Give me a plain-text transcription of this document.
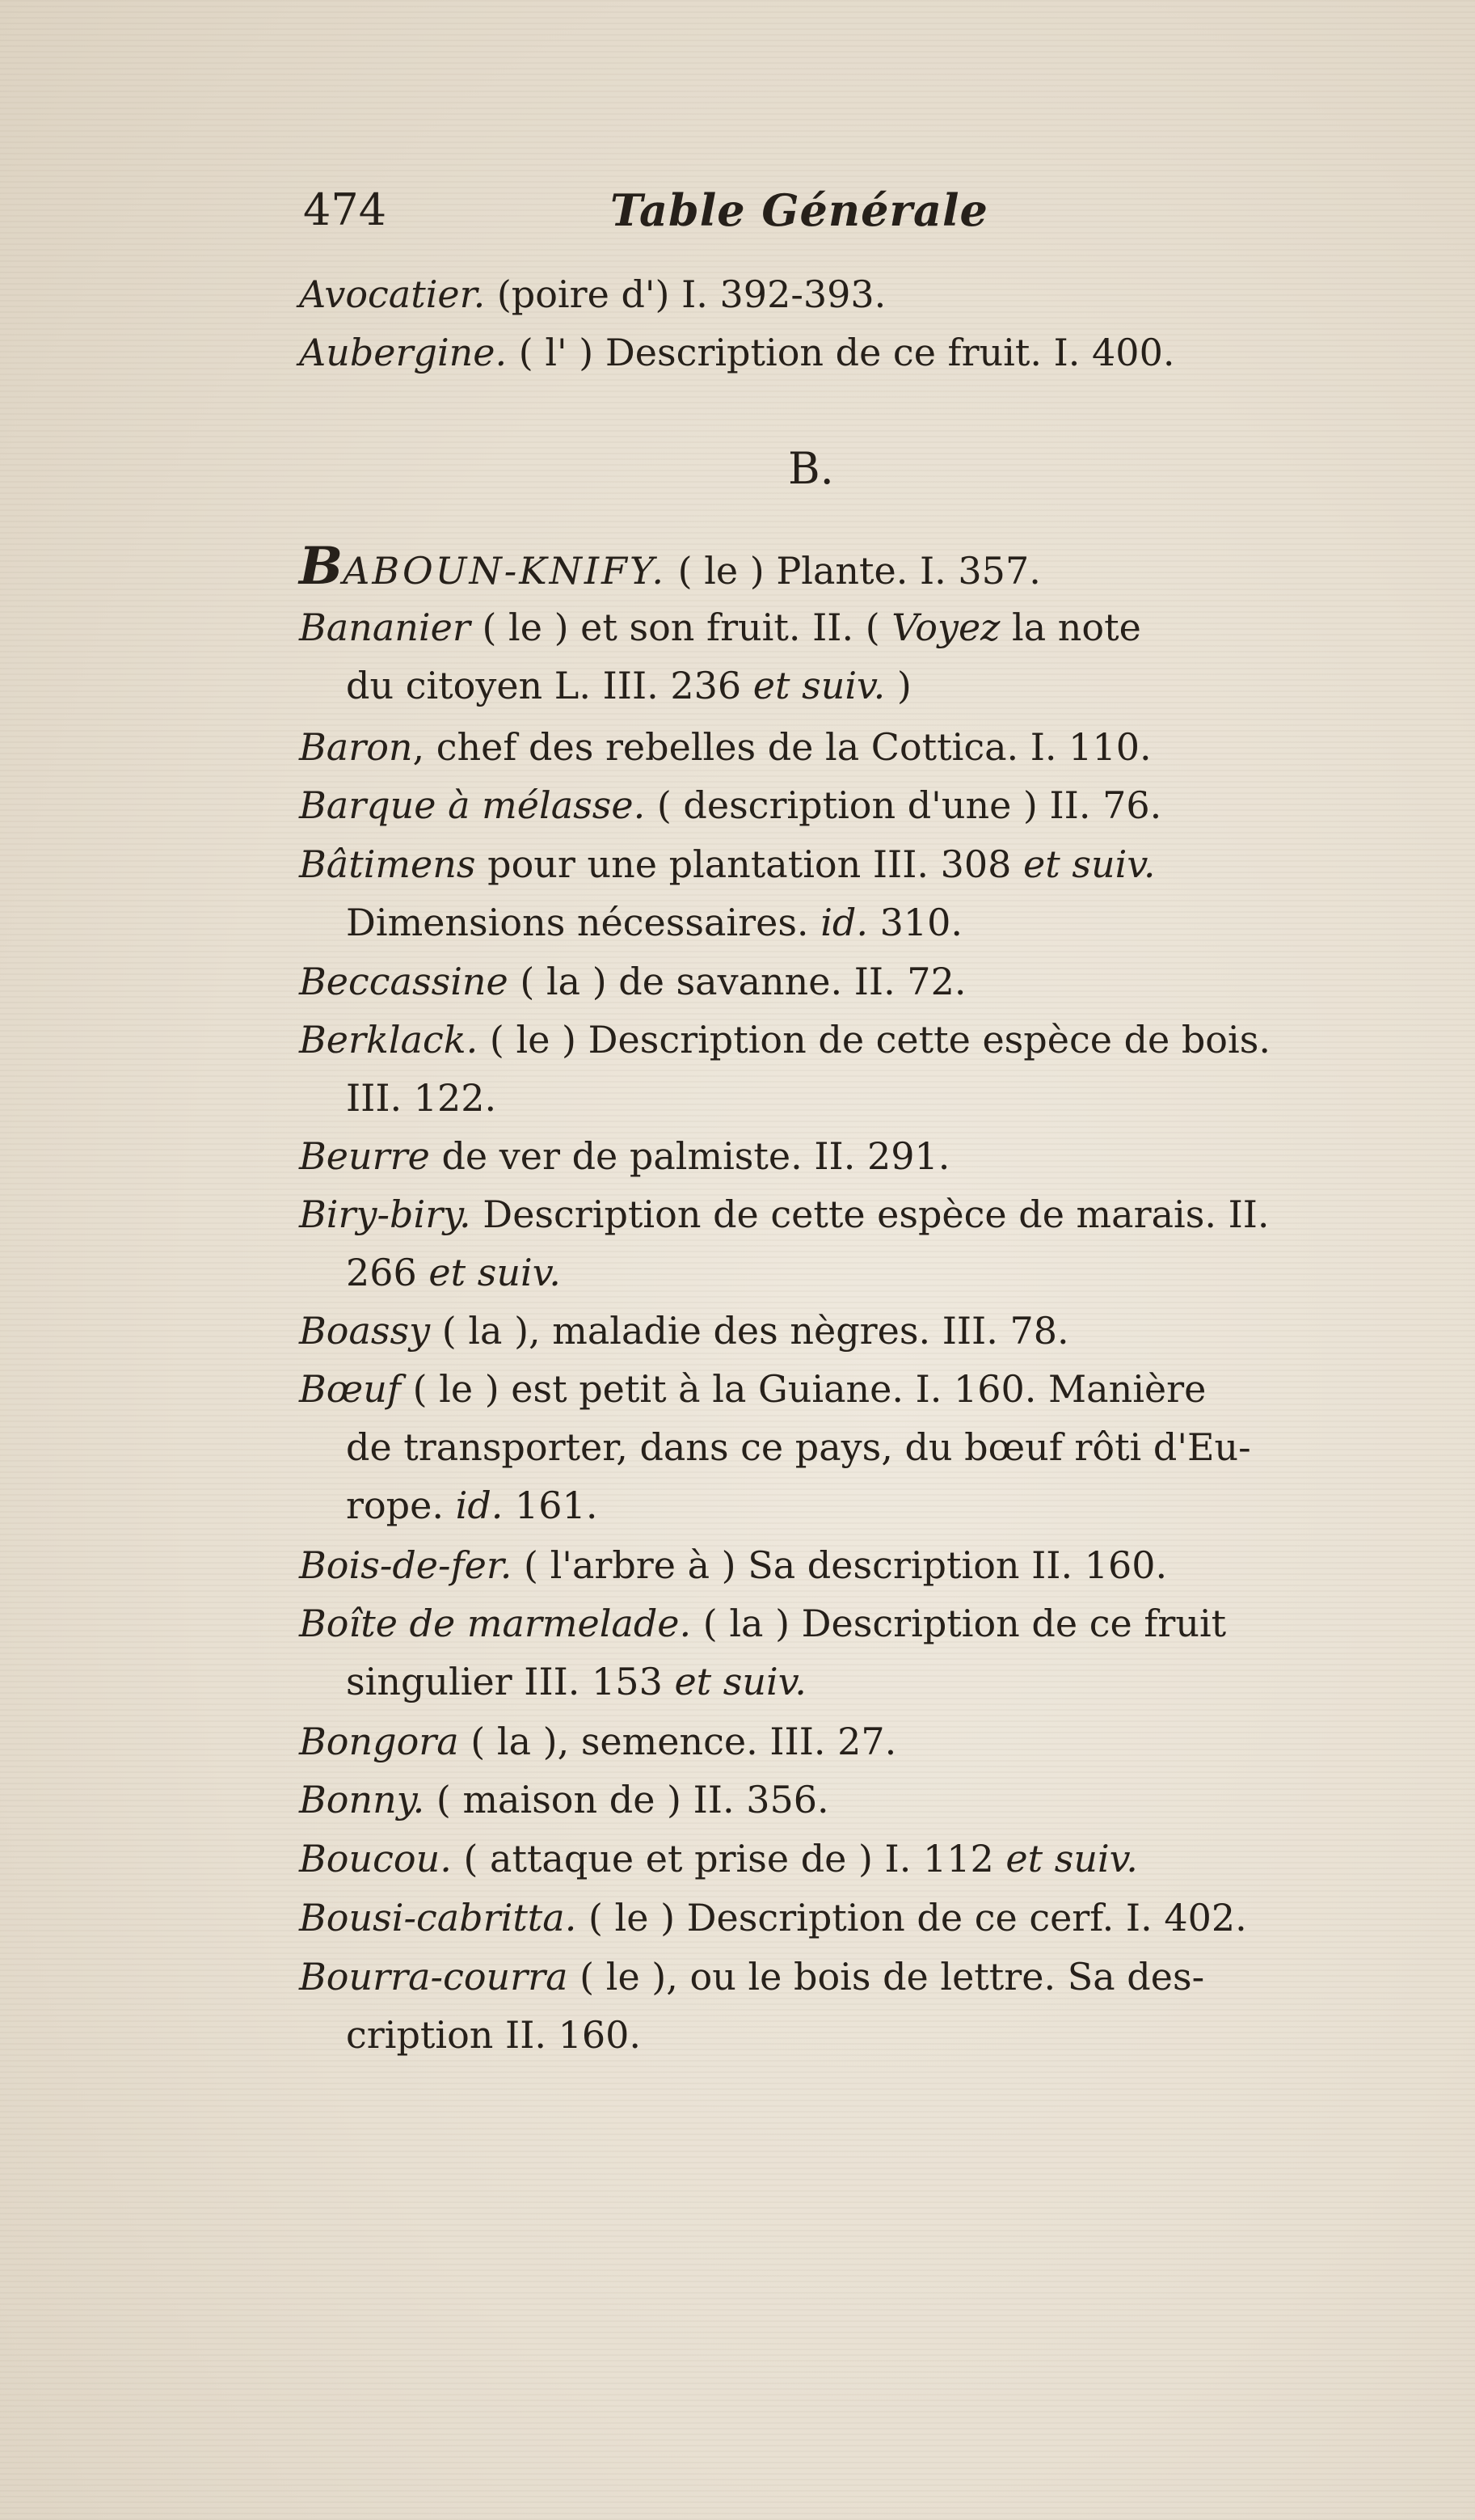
474	Table Générale
Avocatier. (poire d') I. 392-393.
Aubergine. ( l' ) Description de ce fruit. I. 400.
BABOUN-KNIFY. ( le ) Plante. I. 357.
Bananier ( le ) et son fruit. II. ( Voyez la note
du citoyen L. III. 236 et suiv. )
Baron, chef des rebelles de la Cottica. I. 110.
Barque à mélasse. ( description d'une ) II. 76.
Bâtimens pour une plantation III. 308 et suiv.
Dimensions nécessaires. id. 310.
Beccassine ( la ) de savanne. II. 72.
Berklack. ( le ) Description de cette espèce de bois.
III. 122.
Beurre de ver de palmiste. II. 291.
Biry-biry. Description de cette espèce de marais. II.
266 et suiv.
Boassy ( la ), maladie des nègres. III. 78.
Bœuf ( le ) est petit à la Guiane. I. 160. Manière
de transporter, dans ce pays, du bœuf rôti d'Eu-
rope. id. 161.
Bois-de-fer. ( l'arbre à ) Sa description II. 160.
Boîte de marmelade. ( la ) Description de ce fruit
singulier III. 153 et suiv.
Bongora ( la ), semence. III. 27.
Bonny. ( maison de ) II. 356.
Boucou. ( attaque et prise de ) I. 112 et suiv.
Bousi-cabritta. ( le ) Description de ce cerf. I. 402.
Bourra-courra ( le ), ou le bois de lettre. Sa des-
cription II. 160.
B.
